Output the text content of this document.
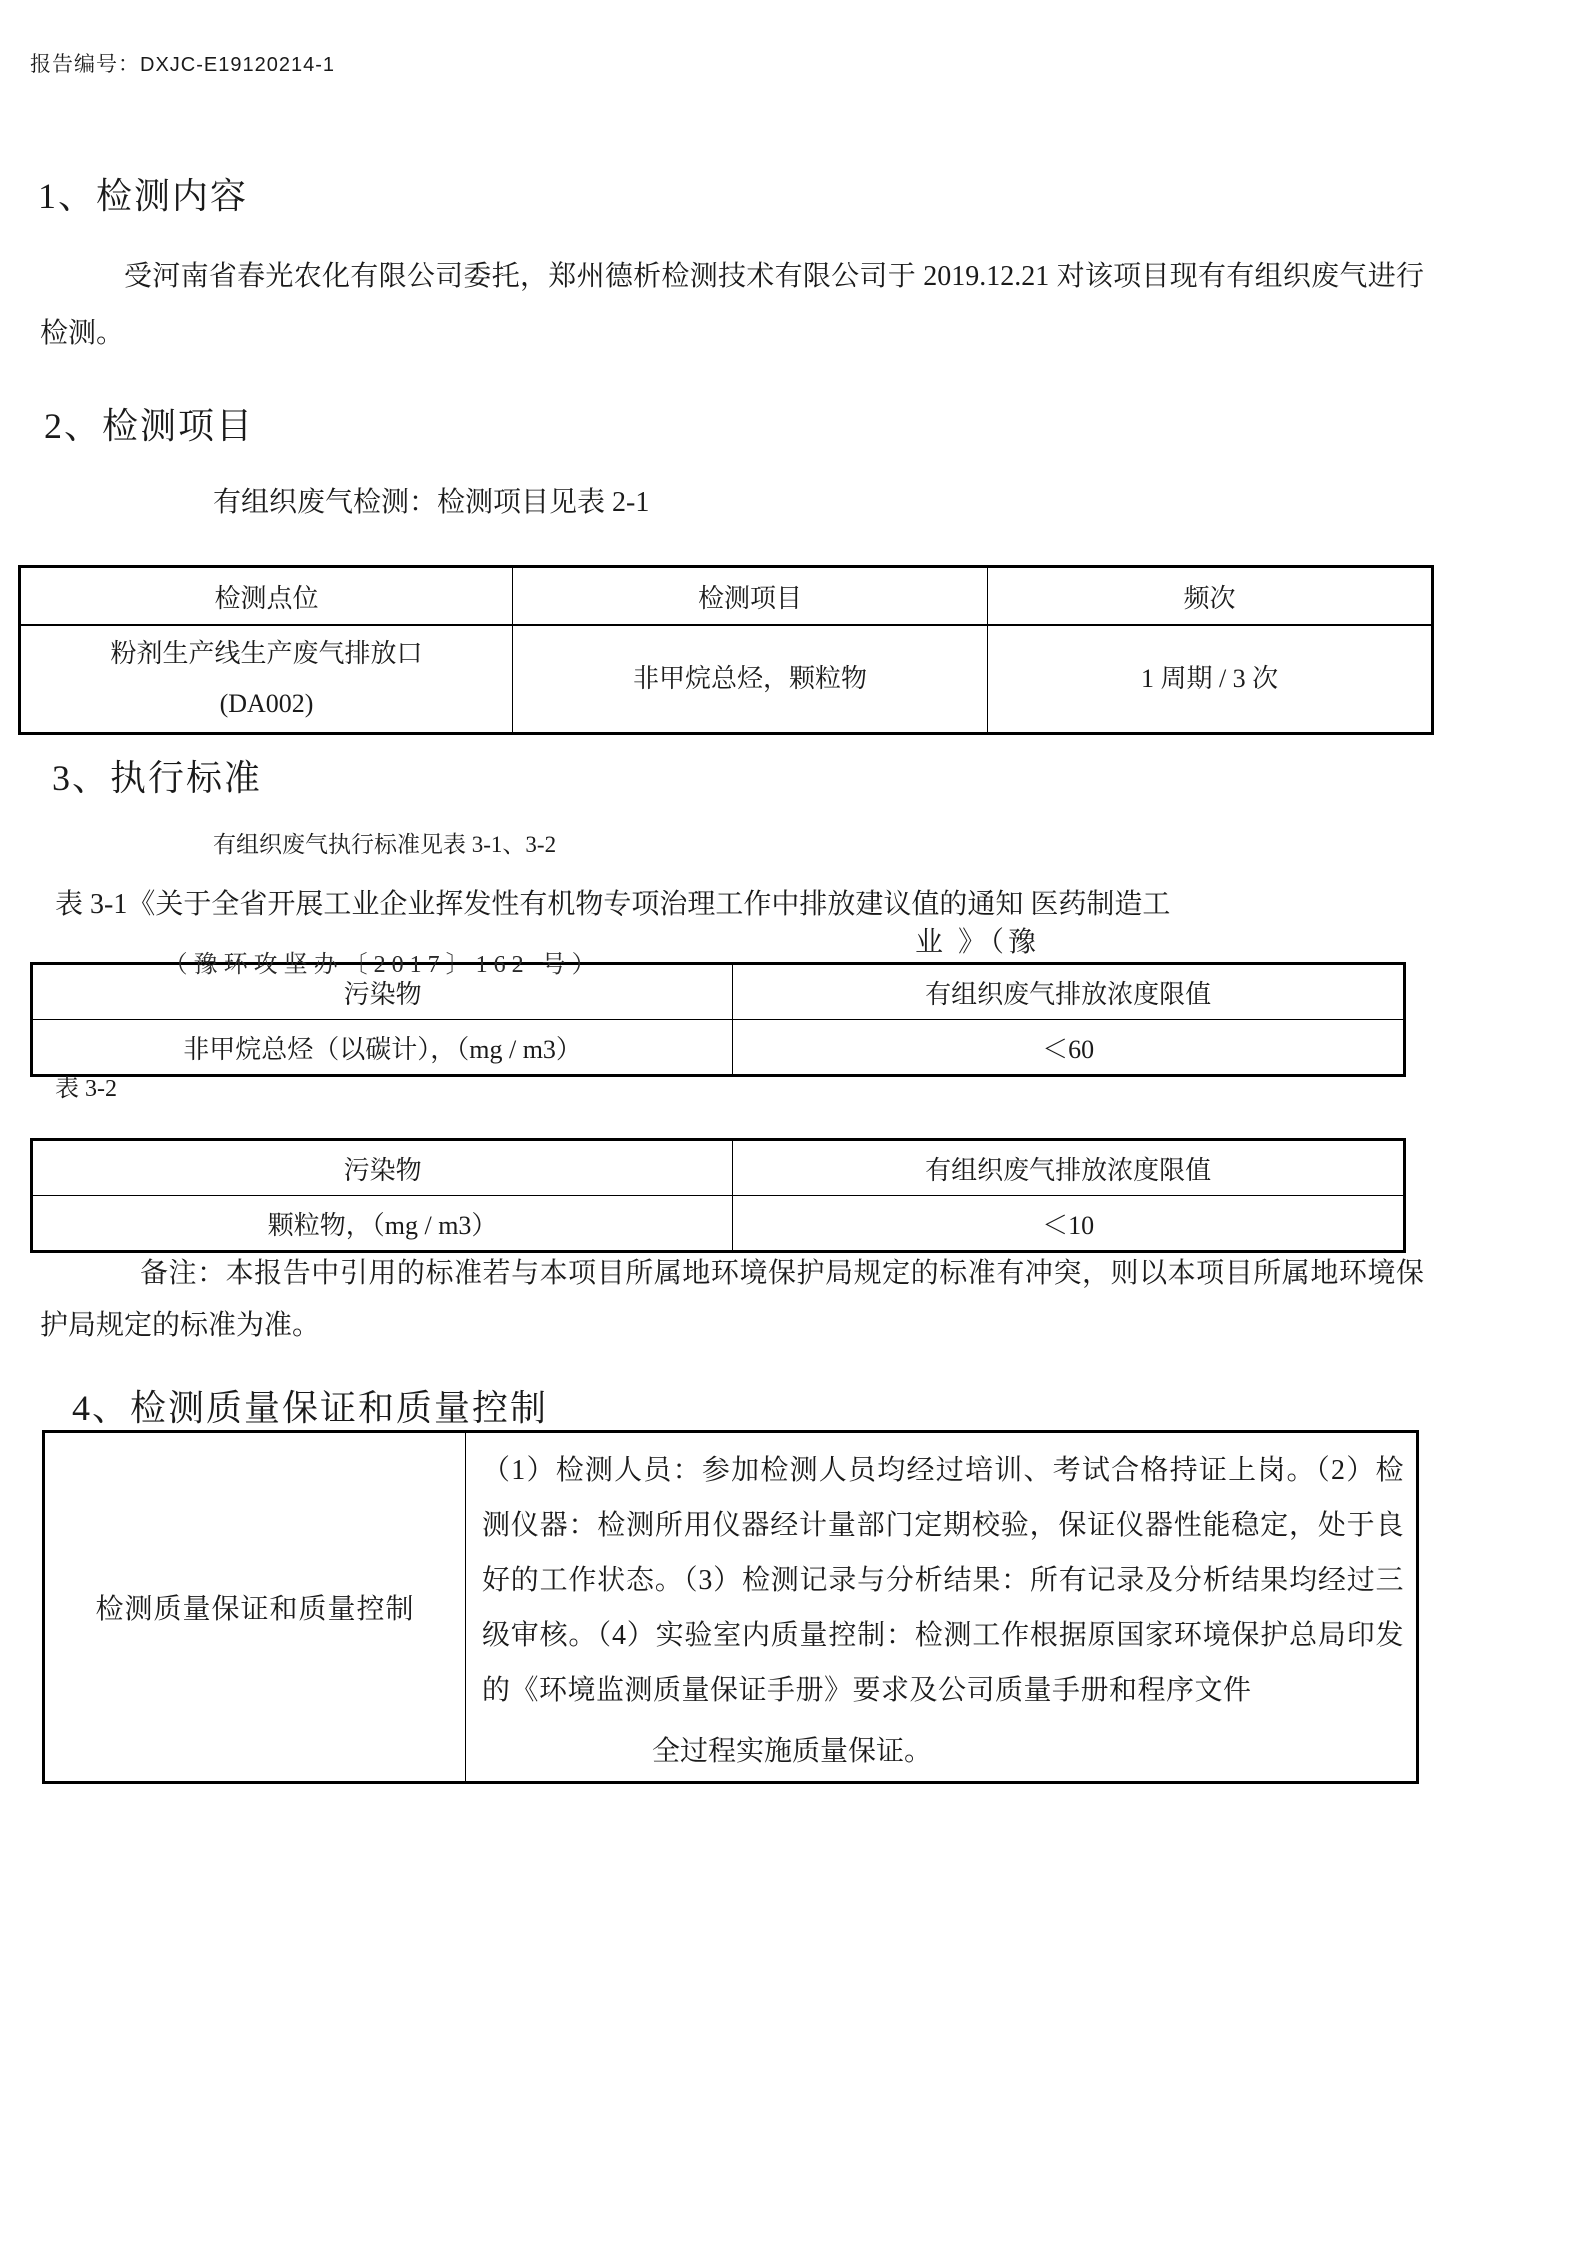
报告编号：DXJC-E19120214-1
1、检测内容
受河南省春光农化有限公司委托，郑州德析检测技术有限公司于 2019.12.21 对该项目现有有组织废气进行检测。
2、检测项目
有组织废气检测：检测项目见表 2-1
检测点位	检测项目	频次

粉剂生产线生产废气排放口
(DA002)	非甲烷总烃，颗粒物	1 周期 / 3 次
3、执行标准
有组织废气执行标准见表 3-1、3-2
表 3-1《关于全省开展工业企业挥发性有机物专项治理工作中排放建议值的通知 医药制造工
业 》（豫
（豫环攻坚办〔2017〕162 号）
污染物	有组织废气排放浓度限值
非甲烷总烃（以碳计），（mg / m3）	＜60
表 3-2
污染物	有组织废气排放浓度限值
颗粒物，（mg / m3）	＜10
备注：本报告中引用的标准若与本项目所属地环境保护局规定的标准有冲突，则以本项目所属地环境保护局规定的标准为准。
4、检测质量保证和质量控制
检测质量保证和质量控制	
（1）检测人员：参加检测人员均经过培训、考试合格持证上岗。（2）检测仪器：检测所用仪器经计量部门定期校验，保证仪器性能稳定，处于良好的工作状态。（3）检测记录与分析结果：所有记录及分析结果均经过三级审核。（4）实验室内质量控制：检测工作根据原国家环境保护总局印发的《环境监测质量保证手册》要求及公司质量手册和程序文件
全过程实施质量保证。
